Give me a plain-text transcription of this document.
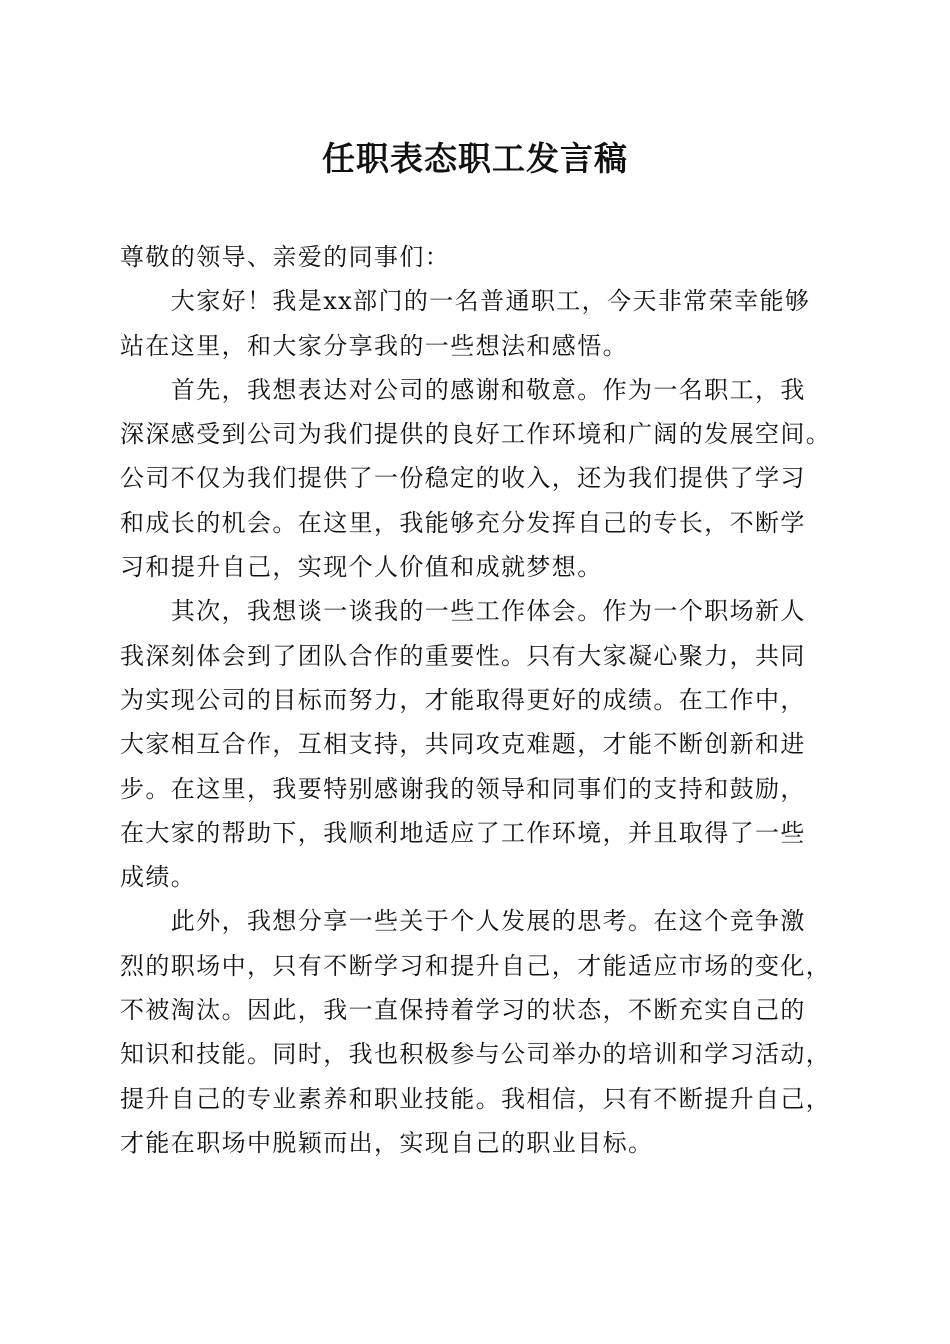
任职表态职工发言稿

尊敬的领导、亲爱的同事们：

　　大家好！我是xx部门的一名普通职工，今天非常荣幸能够

站在这里，和大家分享我的一些想法和感悟。

　　首先，我想表达对公司的感谢和敬意。作为一名职工，我

深深感受到公司为我们提供的良好工作环境和广阔的发展空间。

公司不仅为我们提供了一份稳定的收入，还为我们提供了学习

和成长的机会。在这里，我能够充分发挥自己的专长，不断学

习和提升自己，实现个人价值和成就梦想。

　　其次，我想谈一谈我的一些工作体会。作为一个职场新人

我深刻体会到了团队合作的重要性。只有大家凝心聚力，共同

为实现公司的目标而努力，才能取得更好的成绩。在工作中，

大家相互合作，互相支持，共同攻克难题，才能不断创新和进

步。在这里，我要特别感谢我的领导和同事们的支持和鼓励，

在大家的帮助下，我顺利地适应了工作环境，并且取得了一些

成绩。

　　此外，我想分享一些关于个人发展的思考。在这个竞争激

烈的职场中，只有不断学习和提升自己，才能适应市场的变化，

不被淘汰。因此，我一直保持着学习的状态，不断充实自己的

知识和技能。同时，我也积极参与公司举办的培训和学习活动，

提升自己的专业素养和职业技能。我相信，只有不断提升自己，

才能在职场中脱颖而出，实现自己的职业目标。
